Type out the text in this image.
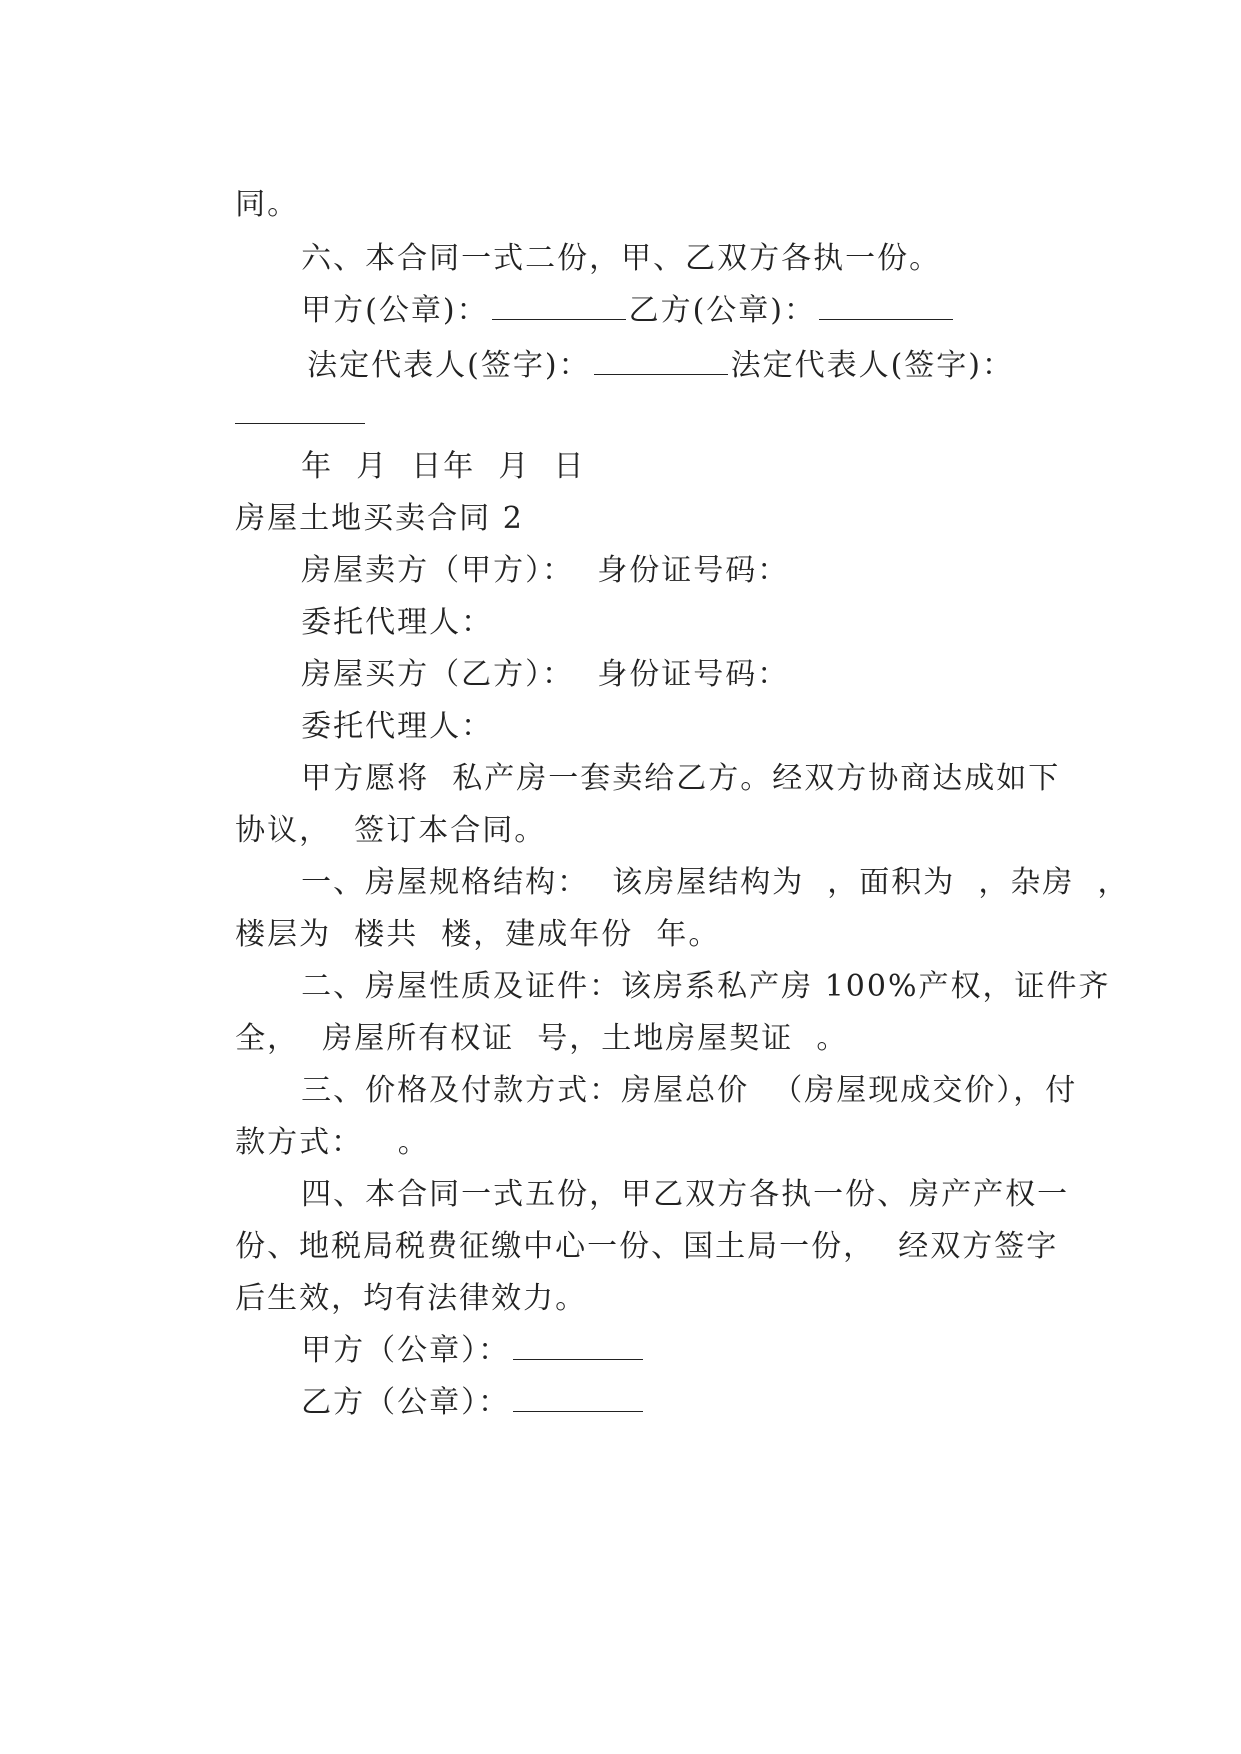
同。

六、本合同一式二份，甲、乙双方各执一份。

甲方(公章)：	乙方(公章)：

法定代表人(签字)：	法定代表人(签字)：

年  月  日年  月  日

房屋土地买卖合同 2

房屋卖方（甲方）：  身份证号码：

委托代理人：

房屋买方（乙方）：  身份证号码：

委托代理人：

甲方愿将  私产房一套卖给乙方。经双方协商达成如下

协议，  签订本合同。

一、房屋规格结构：  该房屋结构为  ，面积为  ，杂房  ，

楼层为  楼共  楼，建成年份  年。

二、房屋性质及证件：该房系私产房 100%产权，证件齐

全，  房屋所有权证  号，土地房屋契证  。

三、价格及付款方式：房屋总价  （房屋现成交价），付

款方式：   。

四、本合同一式五份，甲乙双方各执一份、房产产权一

份、地税局税费征缴中心一份、国土局一份，  经双方签字

后生效，均有法律效力。

甲方（公章）：

乙方（公章）：
